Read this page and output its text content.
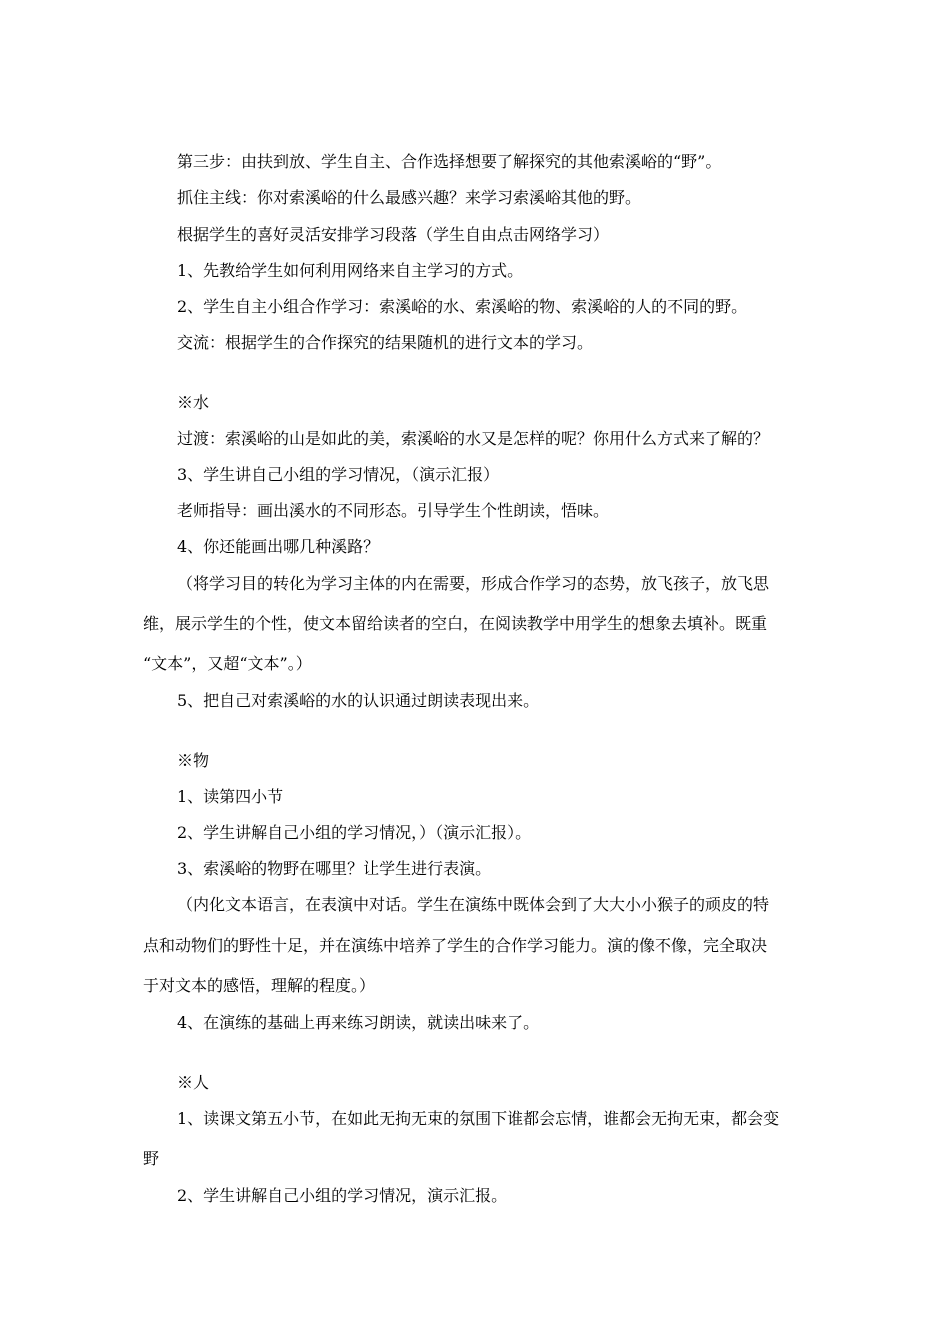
第三步：由扶到放、学生自主、合作选择想要了解探究的其他索溪峪的“野”。

抓住主线：你对索溪峪的什么最感兴趣？来学习索溪峪其他的野。

根据学生的喜好灵活安排学习段落（学生自由点击网络学习）

1、先教给学生如何利用网络来自主学习的方式。

2、学生自主小组合作学习：索溪峪的水、索溪峪的物、索溪峪的人的不同的野。

交流：根据学生的合作探究的结果随机的进行文本的学习。

※水

过渡：索溪峪的山是如此的美，索溪峪的水又是怎样的呢？你用什么方式来了解的？

3、学生讲自己小组的学习情况，（演示汇报）

老师指导：画出溪水的不同形态。引导学生个性朗读，悟味。

4、你还能画出哪几种溪路？

（将学习目的转化为学习主体的内在需要，形成合作学习的态势，放飞孩子，放飞思

维，展示学生的个性，使文本留给读者的空白，在阅读教学中用学生的想象去填补。既重

“文本”，又超“文本”。）

5、把自己对索溪峪的水的认识通过朗读表现出来。

※物

1、读第四小节

2、学生讲解自己小组的学习情况，）（演示汇报）。

3、索溪峪的物野在哪里？让学生进行表演。

（内化文本语言，在表演中对话。学生在演练中既体会到了大大小小猴子的顽皮的特

点和动物们的野性十足，并在演练中培养了学生的合作学习能力。演的像不像，完全取决

于对文本的感悟，理解的程度。）

4、在演练的基础上再来练习朗读，就读出味来了。

※人

1、读课文第五小节，在如此无拘无束的氛围下谁都会忘情，谁都会无拘无束，都会变

野

2、学生讲解自己小组的学习情况，演示汇报。
